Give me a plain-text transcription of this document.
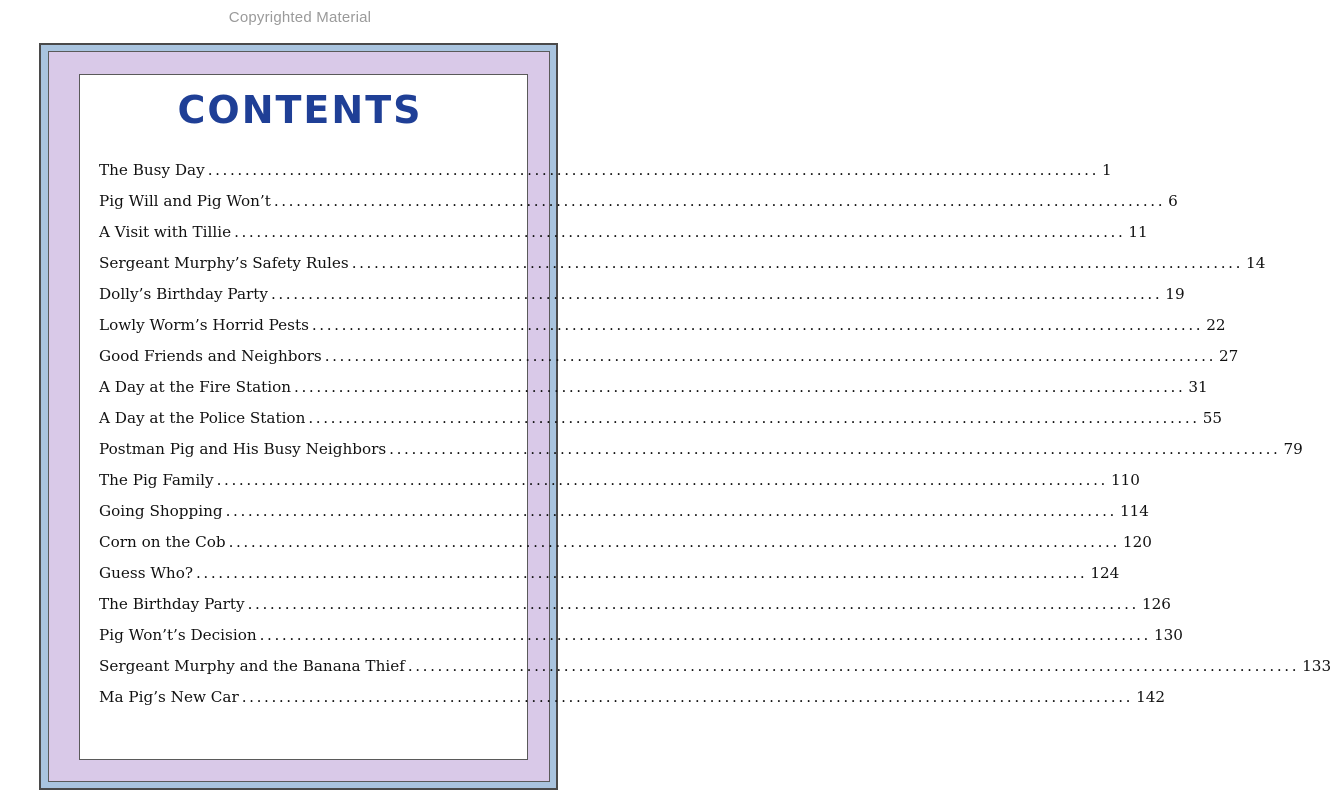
Copyrighted Material
CONTENTS
The Busy Day ........................................................................................................................ 1
Pig Will and Pig Won’t ........................................................................................................................ 6
A Visit with Tillie ........................................................................................................................ 11
Sergeant Murphy’s Safety Rules ........................................................................................................................ 14
Dolly’s Birthday Party ........................................................................................................................ 19
Lowly Worm’s Horrid Pests ........................................................................................................................ 22
Good Friends and Neighbors ........................................................................................................................ 27
A Day at the Fire Station ........................................................................................................................ 31
A Day at the Police Station ........................................................................................................................ 55
Postman Pig and His Busy Neighbors ........................................................................................................................ 79
The Pig Family ........................................................................................................................ 110
Going Shopping ........................................................................................................................ 114
Corn on the Cob ........................................................................................................................ 120
Guess Who? ........................................................................................................................ 124
The Birthday Party ........................................................................................................................ 126
Pig Won’t’s Decision ........................................................................................................................ 130
Sergeant Murphy and the Banana Thief ........................................................................................................................ 133
Ma Pig’s New Car ........................................................................................................................ 142
